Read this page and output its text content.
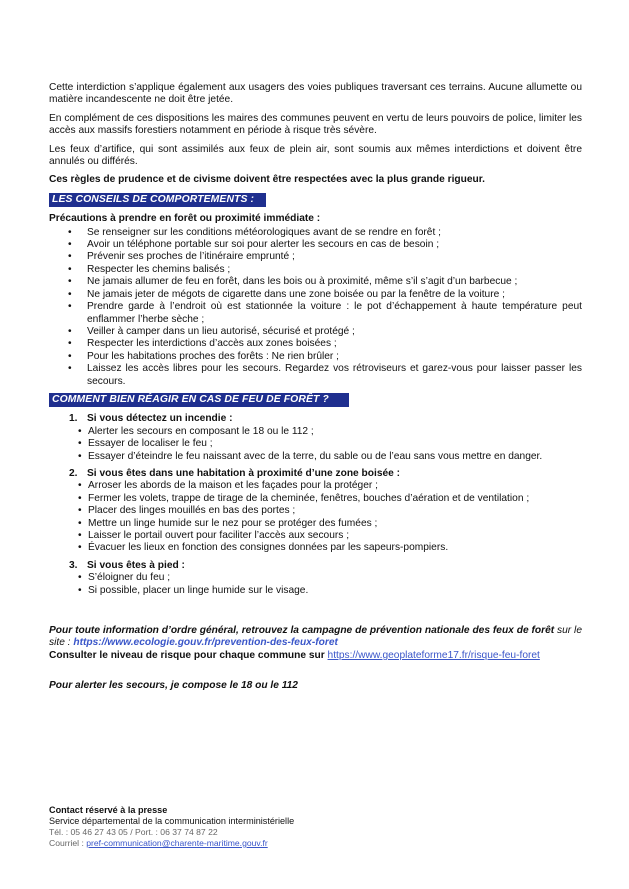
Cette interdiction s’applique également aux usagers des voies publiques traversant ces terrains. Aucune allumette ou matière incandescente ne doit être jetée.

En complément de ces dispositions les maires des communes peuvent en vertu de leurs pouvoirs de police, limiter les accès aux massifs forestiers notamment en période à risque très sévère.

Les feux d’artifice, qui sont assimilés aux feux de plein air, sont soumis aux mêmes interdictions et doivent être annulés ou différés.

Ces règles de prudence et de civisme doivent être respectées avec la plus grande rigueur.

LES CONSEILS DE COMPORTEMENTS :
Précautions à prendre en forêt ou proximité immédiate :
• Se renseigner sur les conditions météorologiques avant de se rendre en forêt ;
• Avoir un téléphone portable sur soi pour alerter les secours en cas de besoin ;
• Prévenir ses proches de l’itinéraire emprunté ;
• Respecter les chemins balisés ;
• Ne jamais allumer de feu en forêt, dans les bois ou à proximité, même s’il s’agit d’un barbecue ;
• Ne jamais jeter de mégots de cigarette dans une zone boisée ou par la fenêtre de la voiture ;
• Prendre garde à l’endroit où est stationnée la voiture : le pot d’échappement à haute température peut enflammer l’herbe sèche ;
• Veiller à camper dans un lieu autorisé, sécurisé et protégé ;
• Respecter les interdictions d’accès aux zones boisées ;
• Pour les habitations proches des forêts : Ne rien brûler ;
• Laissez les accès libres pour les secours. Regardez vos rétroviseurs et garez-vous pour laisser passer les secours.
COMMENT BIEN RÉAGIR EN CAS DE FEU DE FORÊT ?
1. Si vous détectez un incendie :
• Alerter les secours en composant le 18 ou le 112 ;
• Essayer de localiser le feu ;
• Essayer d’éteindre le feu naissant avec de la terre, du sable ou de l’eau sans vous mettre en danger.
2. Si vous êtes dans une habitation à proximité d’une zone boisée :
• Arroser les abords de la maison et les façades pour la protéger ;
• Fermer les volets, trappe de tirage de la cheminée, fenêtres, bouches d’aération et de ventilation ;
• Placer des linges mouillés en bas des portes ;
• Mettre un linge humide sur le nez pour se protéger des fumées ;
• Laisser le portail ouvert pour faciliter l’accès aux secours ;
• Évacuer les lieux en fonction des consignes données par les sapeurs-pompiers.
3. Si vous êtes à pied :
• S’éloigner du feu ;
• Si possible, placer un linge humide sur le visage.

Pour toute information d’ordre général, retrouvez la campagne de prévention nationale des feux de forêt sur le site : https://www.ecologie.gouv.fr/prevention-des-feux-foret

Consulter le niveau de risque pour chaque commune sur https://www.geoplateforme17.fr/risque-feu-foret

Pour alerter les secours, je compose le 18 ou le 112

Contact réservé à la presse
Service départemental de la communication interministérielle
Tél. : 05 46 27 43 05 / Port. : 06 37 74 87 22
Courriel : pref-communication@charente-maritime.gouv.fr
